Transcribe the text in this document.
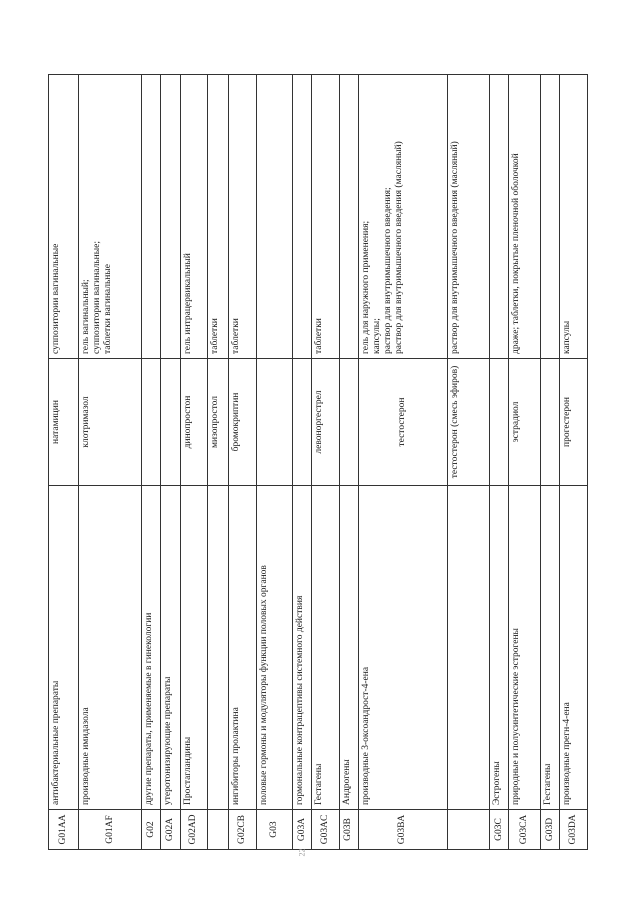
G01AA	антибактериальные препараты	натамицин	суппозитории вагинальные
G01AF	производные имидазола	клотримазол	гель вагинальный;
суппозитории вагинальные;
таблетки вагинальные
G02	другие препараты, применяемые в гинекологии		
G02A	утеротонизирующие препараты		
G02AD	Простагландины	динопростон	гель интрацервикальный
		мизопростол	таблетки
G02CB	ингибиторы пролактина	бромокриптин	таблетки
G03	половые гормоны и модуляторы функции половых органов		
G03A	гормональные контрацептивы системного действия		
G03AC	Гестагены	левоноргестрел	таблетки
G03B	Андрогены		
G03BA	производные 3-оксоандрост-4-ена	тестостерон	гель для наружного применения;
капсулы;
раствор для внутримышечного введения;
раствор для внутримышечного введения (масляный)
		тестостерон (смесь эфиров)	раствор для внутримышечного введения (масляный)
G03C	Эстрогены		
G03CA	природные и полусинтетические эстрогены	эстрадиол	драже; таблетки, покрытые пленочной оболочкой
G03D	Гестагены		
G03DA	производные прегн-4-ена	прогестерон	капсулы
22
